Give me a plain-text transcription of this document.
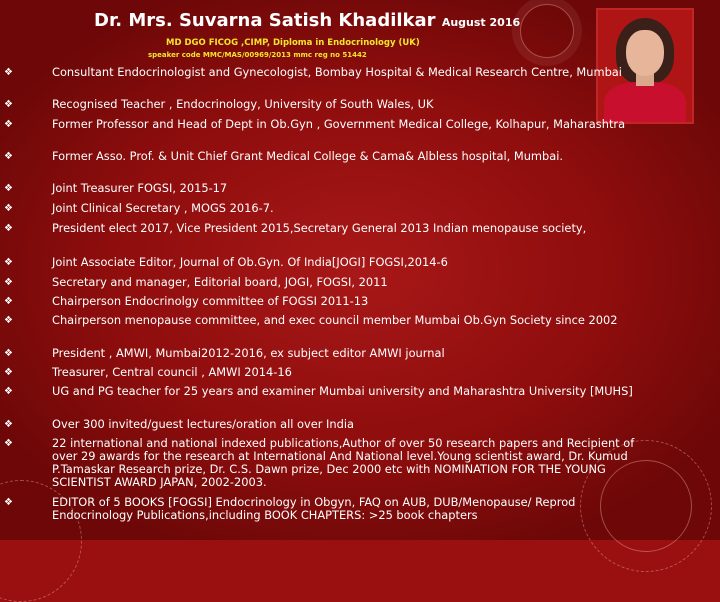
Dr. Mrs. Suvarna Satish Khadilkar August 2016
MD DGO FICOG ,CIMP, Diploma in Endocrinology (UK)
speaker code MMC/MAS/00969/2013 mmc reg no 51442
❖	Consultant Endocrinologist and Gynecologist, Bombay Hospital & Medical Research Centre, Mumbai
❖	Recognised Teacher , Endocrinology, University of South Wales, UK
❖	Former Professor and Head of Dept in Ob.Gyn , Government Medical College, Kolhapur, Maharashtra
❖	Former Asso. Prof. & Unit Chief Grant Medical College & Cama& Albless hospital, Mumbai.
❖	Joint Treasurer FOGSI, 2015-17
❖	Joint Clinical Secretary , MOGS 2016-7.
❖	President elect 2017, Vice President 2015,Secretary General 2013 Indian menopause society,
❖	Joint Associate Editor, Journal of Ob.Gyn. Of India[JOGI] FOGSI,2014-6
❖	Secretary and manager, Editorial board, JOGI, FOGSI, 2011
❖	Chairperson Endocrinolgy committee of FOGSI 2011-13
❖	Chairperson menopause committee, and exec council member Mumbai Ob.Gyn Society since 2002
❖	President , AMWI, Mumbai2012-2016, ex subject editor AMWI journal
❖	Treasurer, Central council , AMWI 2014-16
❖	UG and PG teacher for 25 years and examiner Mumbai university and Maharashtra University [MUHS]
❖	Over 300 invited/guest lectures/oration all over India
❖	22 international and national indexed publications,Author of over 50 research papers and Recipient of over 29 awards for the research at International And National level.Young scientist award, Dr. Kumud P.Tamaskar Research prize, Dr. C.S. Dawn prize, Dec 2000 etc with NOMINATION FOR THE YOUNG SCIENTIST AWARD JAPAN, 2002-2003.
❖	EDITOR of 5 BOOKS [FOGSI] Endocrinology in Obgyn, FAQ on AUB, DUB/Menopause/ Reprod Endocrinology Publications,including BOOK CHAPTERS: >25 book chapters
